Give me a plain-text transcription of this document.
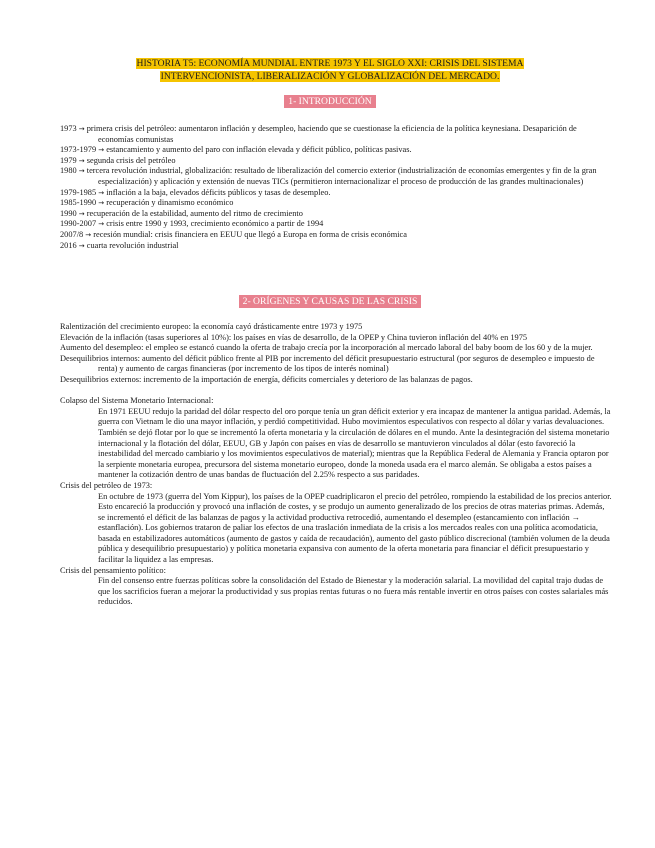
HISTORIA T5: ECONOMÍA MUNDIAL ENTRE 1973 Y EL SIGLO XXI: CRISIS DEL SISTEMA
INTERVENCIONISTA, LIBERALIZACIÓN Y GLOBALIZACIÓN DEL MERCADO.
1- INTRODUCCIÓN
1973 → primera crisis del petróleo: aumentaron inflación y desempleo, haciendo que se cuestionase la eficiencia de la política keynesiana. Desaparición de economías comunistas
1973-1979 → estancamiento y aumento del paro con inflación elevada y déficit público, políticas pasivas.
1979 → segunda crisis del petróleo
1980 → tercera revolución industrial, globalización: resultado de liberalización del comercio exterior (industrialización de economías emergentes y fin de la gran especialización) y aplicación y extensión de nuevas TICs (permitieron internacionalizar el proceso de producción de las grandes multinacionales)
1979-1985 → inflación a la baja, elevados déficits públicos y tasas de desempleo.
1985-1990 → recuperación y dinamismo económico
1990 → recuperación de la estabilidad, aumento del ritmo de crecimiento
1990-2007 → crisis entre 1990 y 1993, crecimiento económico a partir de 1994
2007/8 → recesión mundial: crisis financiera en EEUU que llegó a Europa en forma de crisis económica
2016 → cuarta revolución industrial
2- ORÍGENES Y CAUSAS DE LAS CRISIS
Ralentización del crecimiento europeo: la economía cayó drásticamente entre 1973 y 1975
Elevación de la inflación (tasas superiores al 10%): los países en vías de desarrollo, de la OPEP y China tuvieron inflación del 40% en 1975
Aumento del desempleo: el empleo se estancó cuando la oferta de trabajo crecía por la incorporación al mercado laboral del baby boom de los 60 y de la mujer.
Desequilibrios internos: aumento del déficit público frente al PIB por incremento del déficit presupuestario estructural (por seguros de desempleo e impuesto de renta) y aumento de cargas financieras (por incremento de los tipos de interés nominal)
Desequilibrios externos: incremento de la importación de energía, déficits comerciales y deterioro de las balanzas de pagos.
Colapso del Sistema Monetario Internacional:
En 1971 EEUU redujo la paridad del dólar respecto del oro porque tenía un gran déficit exterior y era incapaz de mantener la antigua paridad. Además, la guerra con Vietnam le dio una mayor inflación, y perdió competitividad. Hubo movimientos especulativos con respecto al dólar y varias devaluaciones. También se dejó flotar por lo que se incrementó la oferta monetaria y la circulación de dólares en el mundo. Ante la desintegración del sistema monetario internacional y la flotación del dólar, EEUU, GB y Japón con países en vías de desarrollo se mantuvieron vinculados al dólar (esto favoreció la inestabilidad del mercado cambiario y los movimientos especulativos de material); mientras que la República Federal de Alemania y Francia optaron por la serpiente monetaria europea, precursora del sistema monetario europeo, donde la moneda usada era el marco alemán. Se obligaba a estos países a mantener la cotización dentro de unas bandas de fluctuación del 2.25% respecto a sus paridades.
Crisis del petróleo de 1973:
En octubre de 1973 (guerra del Yom Kippur), los países de la OPEP cuadriplicaron el precio del petróleo, rompiendo la estabilidad de los precios anterior. Esto encareció la producción y provocó una inflación de costes, y se produjo un aumento generalizado de los precios de otras materias primas. Además, se incrementó el déficit de las balanzas de pagos y la actividad productiva retrocedió, aumentando el desempleo (estancamiento con inflación → estanflación). Los gobiernos trataron de paliar los efectos de una traslación inmediata de la crisis a los mercados reales con una política acomodaticia, basada en estabilizadores automáticos (aumento de gastos y caída de recaudación), aumento del gasto público discrecional (también volumen de la deuda pública y desequilibrio presupuestario) y política monetaria expansiva con aumento de la oferta monetaria para financiar el déficit presupuestario y facilitar la liquidez a las empresas.
Crisis del pensamiento político:
Fin del consenso entre fuerzas políticas sobre la consolidación del Estado de Bienestar y la moderación salarial. La movilidad del capital trajo dudas de que los sacrificios fueran a mejorar la productividad y sus propias rentas futuras o no fuera más rentable invertir en otros países con costes salariales más reducidos.
